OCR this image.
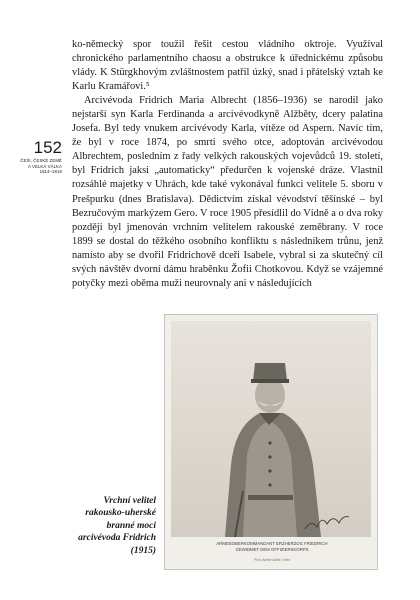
ko-německý spor toužil řešit cestou vládního oktroje. Využíval chronického parlamentního chaosu a obstrukce k úřednickému způsobu vlády. K Stürgkhovým zvláštnostem patřil úzký, snad i přátelský vztah ke Karlu Kramářovi.⁵

Arcivévoda Fridrich Maria Albrecht (1856–1936) se narodil jako nejstarší syn Karla Ferdinanda a arcivévodkyně Alžběty, dcery palatina Josefa. Byl tedy vnukem arcivévody Karla, vítěze od Aspern. Navíc tím, že byl v roce 1874, po smrti svého otce, adoptován arcivévodou Albrechtem, posledním z řady velkých rakouských vojevůdců 19. století, byl Fridrich jaksi „automaticky“ předurčen k vojenské dráze. Vlastnil rozsáhlé majetky v Uhrách, kde také vykonával funkci velitele 5. sboru v Prešpurku (dnes Bratislava). Dědictvím získal vévodství těšínské – byl Bezručovým markýzem Gero. V roce 1905 přesídlil do Vídně a o dva roky později byl jmenován vrchním velitelem rakouské zeměbrany. V roce 1899 se dostal do těžkého osobního konfliktu s následníkem trůnu, jenž namísto aby se dvořil Fridrichově dceři Isabele, vybral si za skutečný cíl svých návštěv dvorní dámu hraběnku Žofii Chotkovou. Když se vzájemné potyčky mezi oběma muži neurovnaly ani v následujících

152
ČEŠI, ČESKÉ ZEMĚ
A VELKÁ VÁLKA
1914–1918
ARMEEOBERKOMMANDANT ERZHERZOG FRIEDRICH
GEWIDMET DEM OFFIZIERSKORPS
Phot. Atelier Adèle, Wien
Vrchní velitel
rakousko-uherské
branné moci
arcivévoda Fridrich
(1915)
